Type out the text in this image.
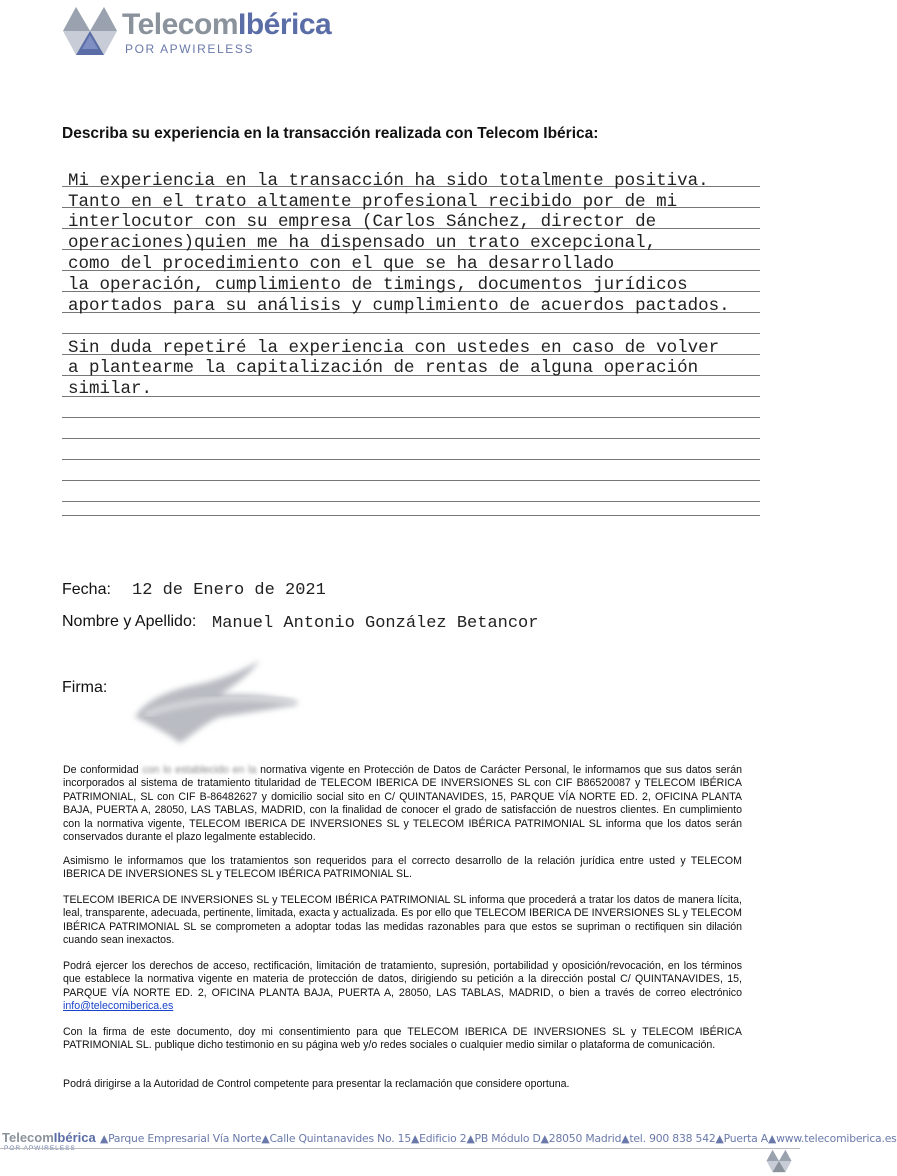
TelecomIbérica
POR APWIRELESS
Describa su experiencia en la transacción realizada con Telecom Ibérica:
Mi experiencia en la transacción ha sido totalmente positiva.
Tanto en el trato altamente profesional recibido por de mi
interlocutor con su empresa (Carlos Sánchez, director de
operaciones)quien me ha dispensado un trato excepcional,
como del procedimiento con el que se ha desarrollado
la operación, cumplimiento de timings, documentos jurídicos
aportados para su análisis y cumplimiento de acuerdos pactados.
Sin duda repetiré la experiencia con ustedes en caso de volver
a plantearme la capitalización de rentas de alguna operación
similar.
Fecha: 12 de Enero de 2021
Nombre y Apellido: Manuel Antonio González Betancor
Firma:
De conformidad con lo establecido en la normativa vigente en Protección de Datos de Carácter Personal, le informamos que sus datos serán incorporados al sistema de tratamiento titularidad de TELECOM IBERICA DE INVERSIONES SL con CIF B86520087 y TELECOM IBÉRICA PATRIMONIAL, SL con CIF B-86482627 y domicilio social sito en C/ QUINTANAVIDES, 15, PARQUE VÍA NORTE ED. 2, OFICINA PLANTA BAJA, PUERTA A, 28050, LAS TABLAS, MADRID, con la finalidad de conocer el grado de satisfacción de nuestros clientes. En cumplimiento con la normativa vigente, TELECOM IBERICA DE INVERSIONES SL y TELECOM IBÉRICA PATRIMONIAL SL informa que los datos serán conservados durante el plazo legalmente establecido.
Asimismo le informamos que los tratamientos son requeridos para el correcto desarrollo de la relación jurídica entre usted y TELECOM IBERICA DE INVERSIONES SL y TELECOM IBÉRICA PATRIMONIAL SL.
TELECOM IBERICA DE INVERSIONES SL y TELECOM IBÉRICA PATRIMONIAL SL informa que procederá a tratar los datos de manera lícita, leal, transparente, adecuada, pertinente, limitada, exacta y actualizada. Es por ello que TELECOM IBERICA DE INVERSIONES SL y TELECOM IBÉRICA PATRIMONIAL SL se comprometen a adoptar todas las medidas razonables para que estos se supriman o rectifiquen sin dilación cuando sean inexactos.
Podrá ejercer los derechos de acceso, rectificación, limitación de tratamiento, supresión, portabilidad y oposición/revocación, en los términos que establece la normativa vigente en materia de protección de datos, dirigiendo su petición a la dirección postal C/ QUINTANAVIDES, 15, PARQUE VÍA NORTE ED. 2, OFICINA PLANTA BAJA, PUERTA A, 28050, LAS TABLAS, MADRID, o bien a través de correo electrónico info@telecomiberica.es
Con la firma de este documento, doy mi consentimiento para que TELECOM IBERICA DE INVERSIONES SL y TELECOM IBÉRICA PATRIMONIAL SL. publique dicho testimonio en su página web y/o redes sociales o cualquier medio similar o plataforma de comunicación.
Podrá dirigirse a la Autoridad de Control competente para presentar la reclamación que considere oportuna.
TelecomIbérica
POR APWIRELESS
▲Parque Empresarial Vía Norte▲Calle Quintanavides No. 15▲Edificio 2▲PB Módulo D▲28050 Madrid▲tel. 900 838 542▲Puerta A▲www.telecomiberica.es
